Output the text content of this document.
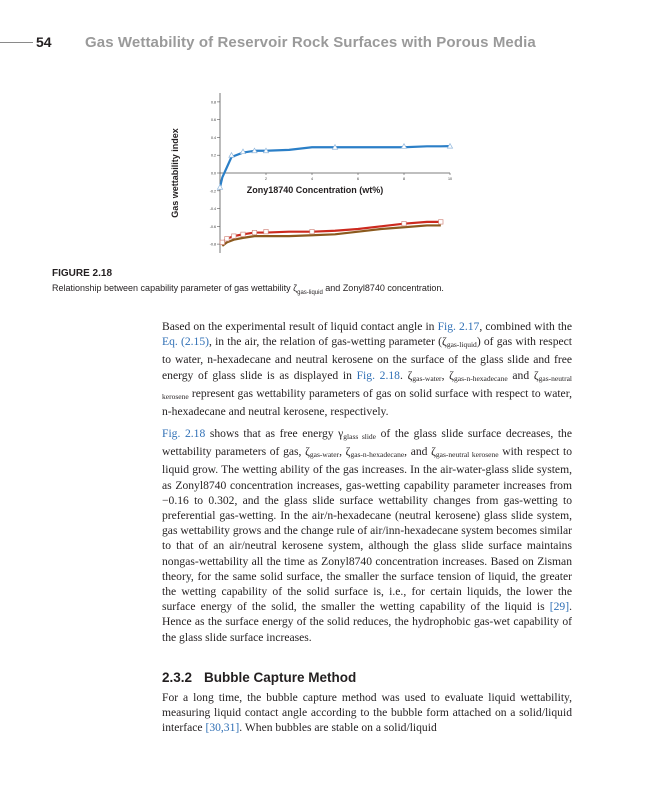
54 Gas Wettability of Reservoir Rock Surfaces with Porous Media
0.8
0.6
0.4
0.2
0.0
-0.2
-0.4
-0.6
-0.8
2	4	6	8	10
Gas wettability index	Zony18740 Concentration (wt%)
FIGURE 2.18
Relationship between capability parameter of gas wettability $\zeta_{gas-liquid}$ and Zonyl8740 concentration.

Based on the experimental result of liquid contact angle in Fig. 2.17, combined with the Eq. (2.15), in the air, the relation of gas-wetting parameter $(\zeta_{gas-liquid})$ of gas with respect to water, n-hexadecane and neutral kerosene on the surface of the glass slide and free energy of glass slide is as displayed in Fig. 2.18. $\zeta_{gas-water}$, $\zeta_{gas-n-hexadecane}$ and $\zeta_{gas-neutral kerosene}$ represent gas wettability parameters of gas on solid surface with respect to water, n-hexadecane and neutral kerosene, respectively.

Fig. 2.18 shows that as free energy $\gamma_{glass slide}$ of the glass slide surface decreases, the wettability parameters of gas, $\zeta_{gas-water}$, $\zeta_{gas-n-hexadecane}$, and $\zeta_{gas-neutral kerosene}$ with respect to liquid grow. The wetting ability of the gas increases. In the air-water-glass slide system, as Zonyl8740 concentration increases, gas-wetting capability parameter increases from −0.16 to 0.302, and the glass slide surface wettability changes from gas-wetting to preferential gas-wetting. In the air/n-hexadecane (neutral kerosene) glass slide system, gas wettability grows and the change rule of air/inn-hexadecane system becomes similar to that of an air/neutral kerosene system, although the glass slide surface maintains nongas-wettability all the time as Zonyl8740 concentration increases. Based on Zisman theory, for the same solid surface, the smaller the surface tension of liquid, the greater the wetting capability of the solid surface is, i.e., for certain liquids, the lower the surface energy of the solid, the smaller the wetting capability of the liquid is [29]. Hence as the surface energy of the solid reduces, the hydrophobic gas-wet capability of the glass slide surface increases.

2.3.2 Bubble Capture Method

For a long time, the bubble capture method was used to evaluate liquid wettability, measuring liquid contact angle according to the bubble form attached on a solid/liquid interface [30,31]. When bubbles are stable on a solid/liquid
